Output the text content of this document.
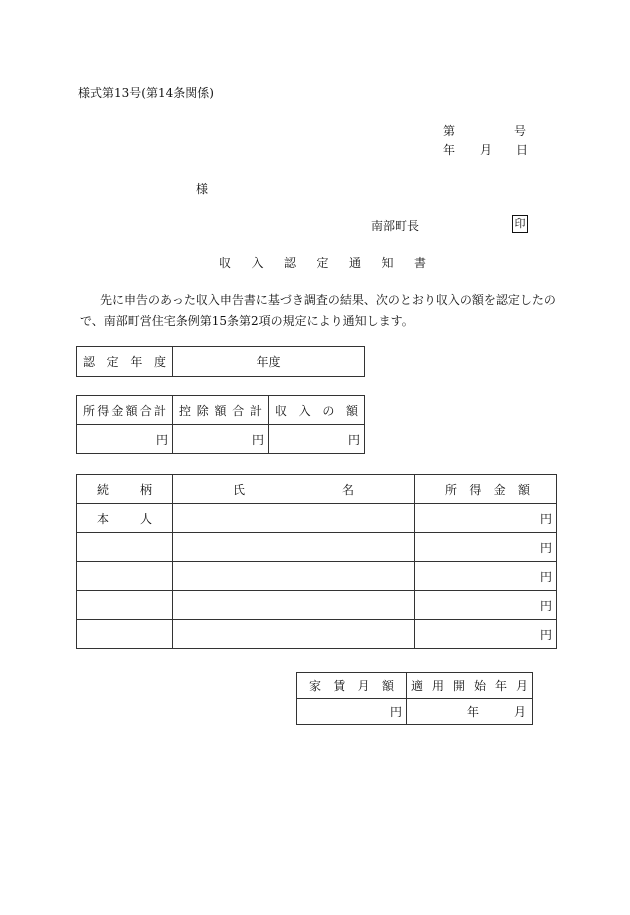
様式第13号(第14条関係)
第	号
年 月 日
様
南部町長	印
収入認定通知書
先に申告のあった収入申告書に基づき調査の結果、次のとおり収入の額を認定したので、南部町営住宅条例第15条第2項の規定により通知します。
認定年度	年度
所得金額合計	控除額合計	収入の額
円	円	円
続柄	氏 名	所得金額
本人		円
		円
		円
		円
		円
家賃月額	適用開始年月
円	年 月
